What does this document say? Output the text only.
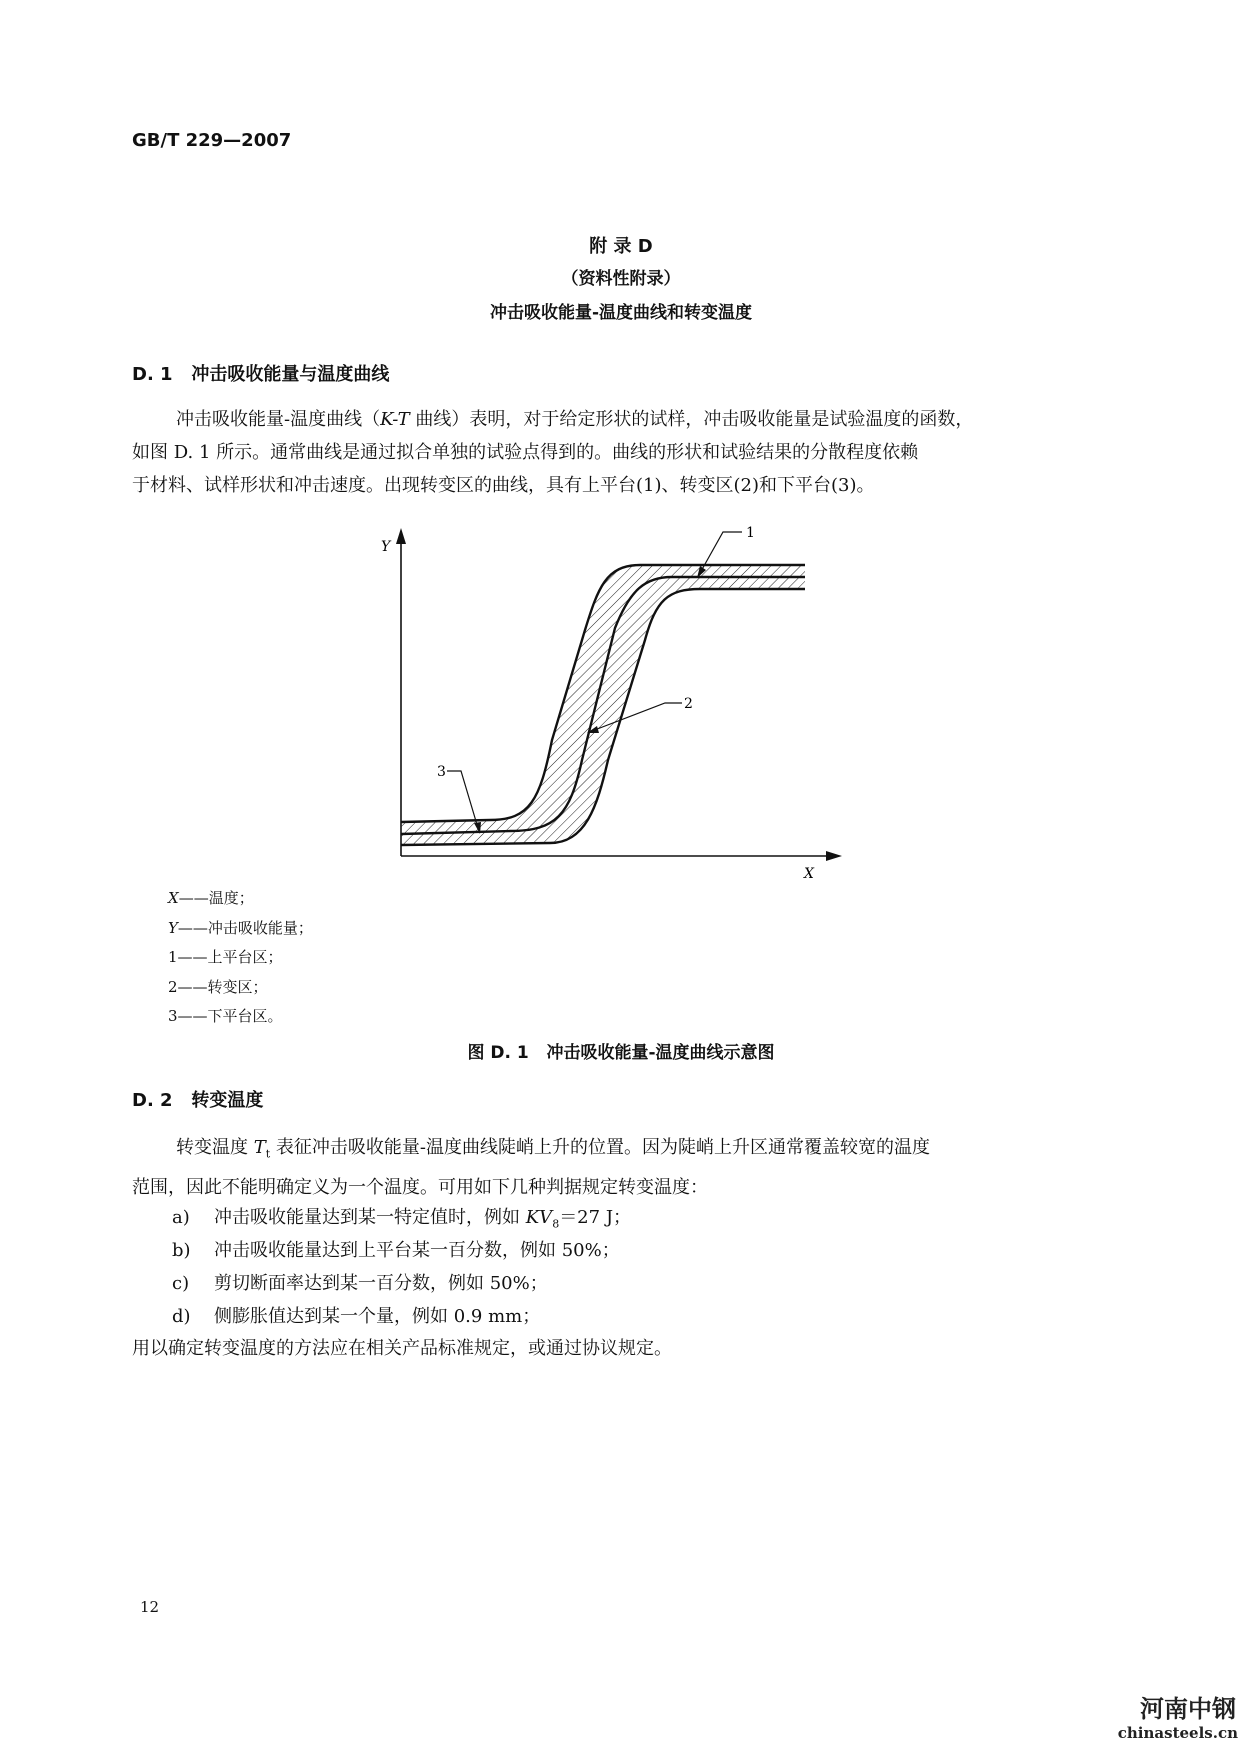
GB/T 229—2007
附 录 D
（资料性附录）
冲击吸收能量-温度曲线和转变温度
D. 1 冲击吸收能量与温度曲线

冲击吸收能量-温度曲线（K-T 曲线）表明，对于给定形状的试样，冲击吸收能量是试验温度的函数，

如图 D. 1 所示。通常曲线是通过拟合单独的试验点得到的。曲线的形状和试验结果的分散程度依赖

于材料、试样形状和冲击速度。出现转变区的曲线，具有上平台(1)、转变区(2)和下平台(3)。

Y
X
1
2
3
X——温度；
Y——冲击吸收能量；
1——上平台区；
2——转变区；
3——下平台区。
图 D. 1 冲击吸收能量-温度曲线示意图
D. 2 转变温度

转变温度 $T_t$ 表征冲击吸收能量-温度曲线陡峭上升的位置。因为陡峭上升区通常覆盖较宽的温度

范围，因此不能明确定义为一个温度。可用如下几种判据规定转变温度：

a) 冲击吸收能量达到某一特定值时，例如 $KV_8=27$ J；
b) 冲击吸收能量达到上平台某一百分数，例如 50%；
c) 剪切断面率达到某一百分数，例如 50%；
d) 侧膨胀值达到某一个量，例如 0.9 mm；

用以确定转变温度的方法应在相关产品标准规定，或通过协议规定。

12
河南中钢
chinasteels.cn
